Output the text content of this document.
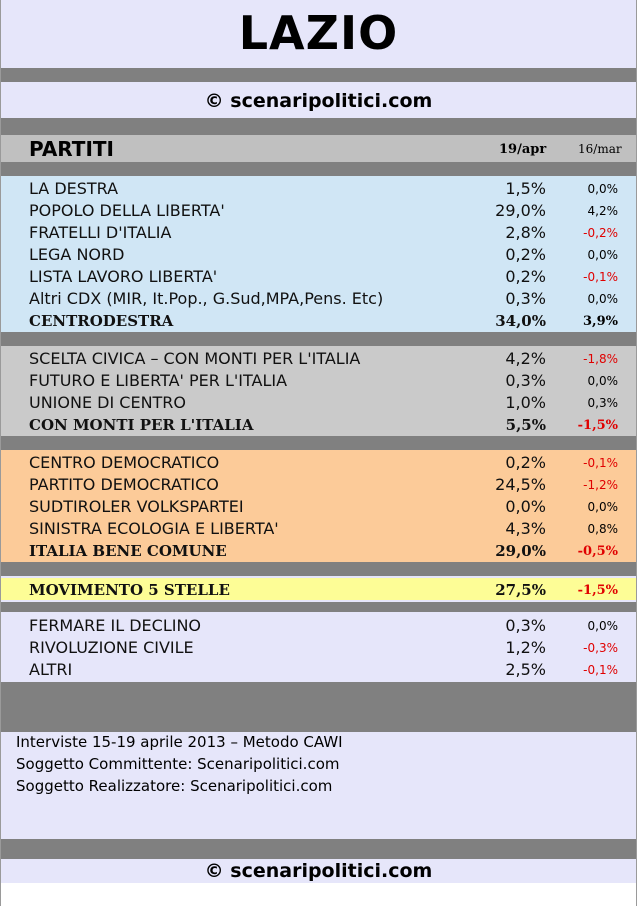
LAZIO
© scenaripolitici.com
PARTITI	19/apr	16/mar
LA DESTRA	1,5%	0,0%
POPOLO DELLA LIBERTA'	29,0%	4,2%
FRATELLI D'ITALIA	2,8%	-0,2%
LEGA NORD	0,2%	0,0%
LISTA LAVORO LIBERTA'	0,2%	-0,1%
Altri CDX (MIR, It.Pop., G.Sud,MPA,Pens. Etc)	0,3%	0,0%
CENTRODESTRA	34,0%	3,9%
SCELTA CIVICA – CON MONTI PER L'ITALIA	4,2%	-1,8%
FUTURO E LIBERTA' PER L'ITALIA	0,3%	0,0%
UNIONE DI CENTRO	1,0%	0,3%
CON MONTI PER L'ITALIA	5,5% -1,5%
CENTRO DEMOCRATICO	0,2%	-0,1%
PARTITO DEMOCRATICO	24,5%	-1,2%
SUDTIROLER VOLKSPARTEI	0,0%	0,0%
SINISTRA ECOLOGIA E LIBERTA'	4,3%	0,8%
ITALIA BENE COMUNE	29,0% -0,5%
MOVIMENTO 5 STELLE	27,5% -1,5%
FERMARE IL DECLINO	0,3%	0,0%
RIVOLUZIONE CIVILE	1,2%	-0,3%
ALTRI	2,5%	-0,1%
Interviste 15-19 aprile 2013 – Metodo CAWI
Soggetto Committente: Scenaripolitici.com
Soggetto Realizzatore: Scenaripolitici.com
© scenaripolitici.com
